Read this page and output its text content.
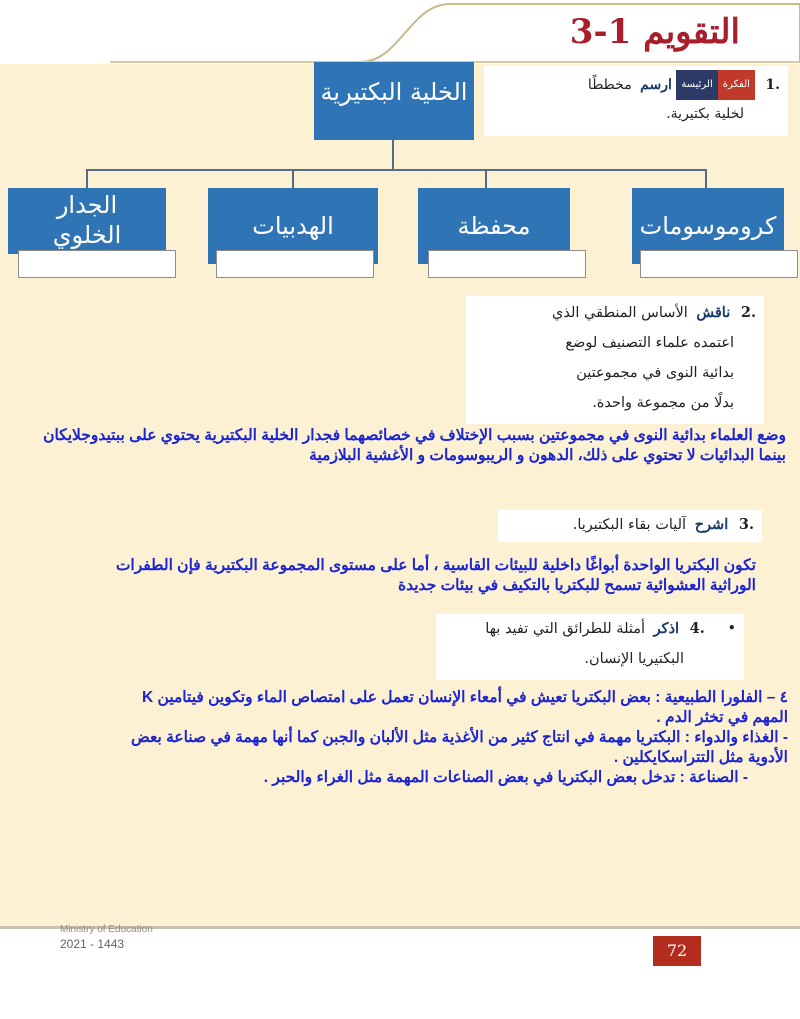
التقويم 1-3
.1 الفكرةالرئيسة ارسم مخططًا
لخلية بكتيرية.
الخلية البكتيرية
كروموسومات
محفظة
الهدبيات
الجدار الخلوي
.2 ناقش الأساس المنطقي الذي
اعتمده علماء التصنيف لوضع
بدائية النوى في مجموعتين
بدلًا من مجموعة واحدة.
وضع العلماء بدائية النوى في مجموعتين بسبب الإختلاف في خصائصهما فجدار الخلية البكتيرية يحتوي على ببتيدوجلايكان بينما البدائيات لا تحتوي على ذلك، الدهون و الريبوسومات و الأغشية البلازمية
.3 اشرح آليات بقاء البكتيريا.
تكون البكتريا الواحدة أبواغًا داخلية للبيئات القاسية ، أما على مستوى المجموعة البكتيرية فإن الطفرات الوراثية العشوائية تسمح للبكتريا بالتكيف في بيئات جديدة
• .4 اذكر أمثلة للطرائق التي تفيد بها
البكتيريا الإنسان.
٤ – الفلورا الطبيعية : بعض البكتريا تعيش في أمعاء الإنسان تعمل على امتصاص الماء وتكوين فيتامين K المهم في تخثر الدم .
- الغذاء والدواء : البكتريا مهمة في انتاج كثير من الأغذية مثل الألبان والجبن كما أنها مهمة في صناعة بعض الأدوية مثل التتراسكايكلين .
- الصناعة : تدخل بعض البكتريا في بعض الصناعات المهمة مثل الغراء والحبر .
Ministry of Education
2021 - 1443	72
